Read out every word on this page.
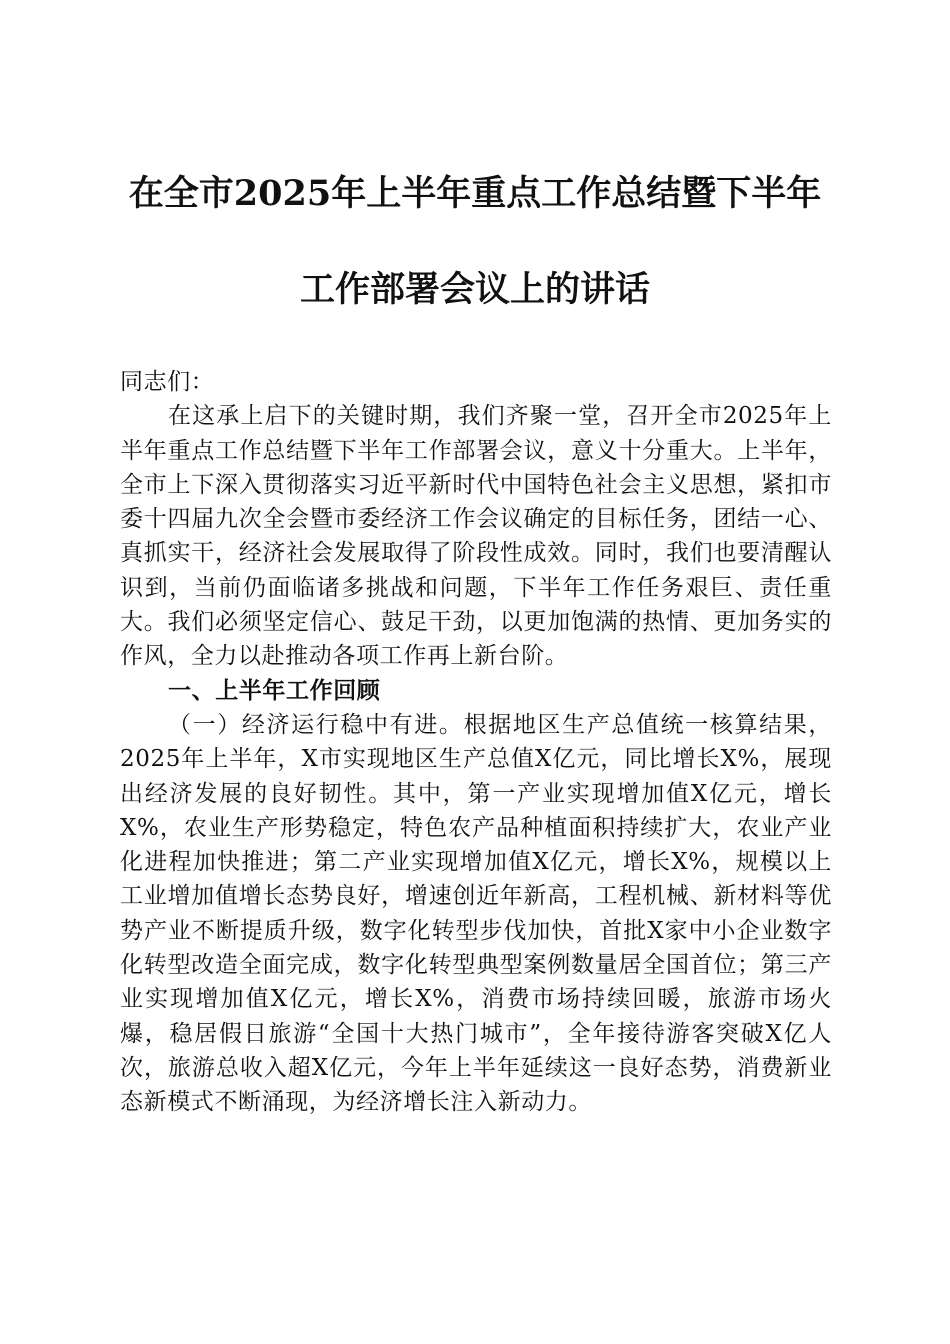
在全市2025年上半年重点工作总结暨下半年
工作部署会议上的讲话

同志们：

在这承上启下的关键时期，我们齐聚一堂，召开全市2025年上半年重点工作总结暨下半年工作部署会议，意义十分重大。上半年，全市上下深入贯彻落实习近平新时代中国特色社会主义思想，紧扣市委十四届九次全会暨市委经济工作会议确定的目标任务，团结一心、真抓实干，经济社会发展取得了阶段性成效。同时，我们也要清醒认识到，当前仍面临诸多挑战和问题，下半年工作任务艰巨、责任重大。我们必须坚定信心、鼓足干劲，以更加饱满的热情、更加务实的作风，全力以赴推动各项工作再上新台阶。

一、上半年工作回顾

（一）经济运行稳中有进。根据地区生产总值统一核算结果，2025年上半年，X市实现地区生产总值X亿元，同比增长X%，展现出经济发展的良好韧性。其中，第一产业实现增加值X亿元，增长X%，农业生产形势稳定，特色农产品种植面积持续扩大，农业产业化进程加快推进；第二产业实现增加值X亿元，增长X%，规模以上工业增加值增长态势良好，增速创近年新高，工程机械、新材料等优势产业不断提质升级，数字化转型步伐加快，首批X家中小企业数字化转型改造全面完成，数字化转型典型案例数量居全国首位；第三产业实现增加值X亿元，增长X%，消费市场持续回暖，旅游市场火爆，稳居假日旅游“全国十大热门城市”，全年接待游客突破X亿人次，旅游总收入超X亿元，今年上半年延续这一良好态势，消费新业态新模式不断涌现，为经济增长注入新动力。
